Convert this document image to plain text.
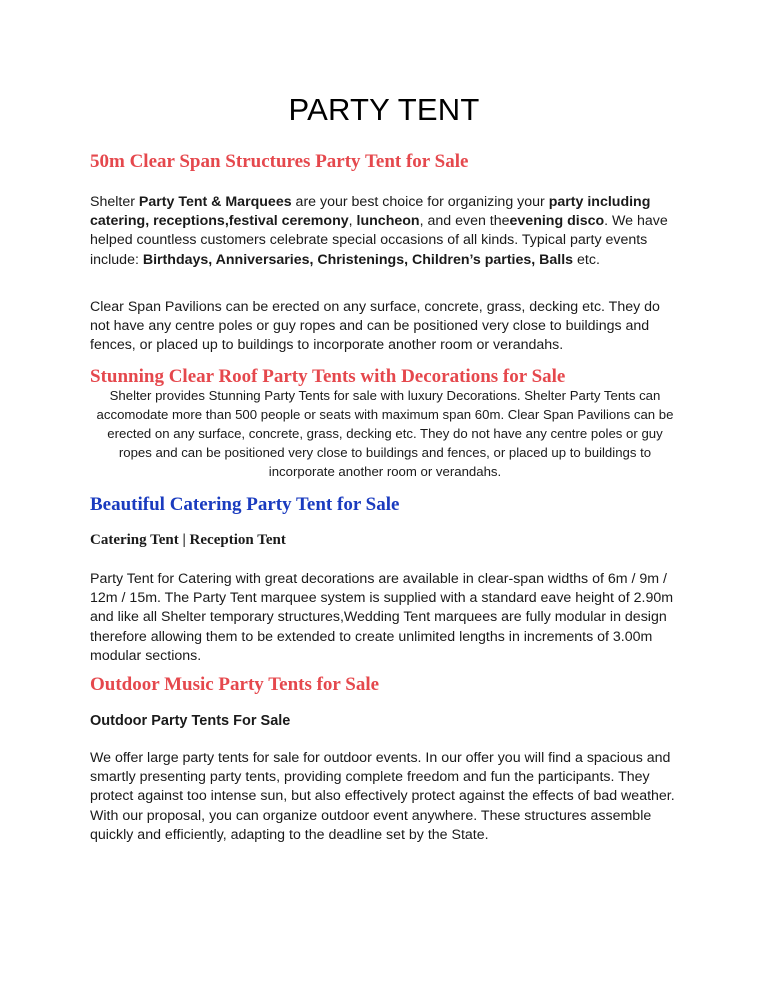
PARTY TENT
50m Clear Span Structures Party Tent for Sale

Shelter Party Tent & Marquees are your best choice for organizing your party including catering, receptions,festival ceremony, luncheon, and even theevening disco. We have helped countless customers celebrate special occasions of all kinds. Typical party events include: Birthdays, Anniversaries, Christenings, Children’s parties, Balls etc.

Clear Span Pavilions can be erected on any surface, concrete, grass, decking etc. They do not have any centre poles or guy ropes and can be positioned very close to buildings and fences, or placed up to buildings to incorporate another room or verandahs.

Stunning Clear Roof Party Tents with Decorations for Sale

Shelter provides Stunning Party Tents for sale with luxury Decorations. Shelter Party Tents can accomodate more than 500 people or seats with maximum span 60m. Clear Span Pavilions can be erected on any surface, concrete, grass, decking etc. They do not have any centre poles or guy ropes and can be positioned very close to buildings and fences, or placed up to buildings to incorporate another room or verandahs.

Beautiful Catering Party Tent for Sale

Catering Tent | Reception Tent

Party Tent for Catering with great decorations are available in clear-span widths of 6m / 9m / 12m / 15m. The Party Tent marquee system is supplied with a standard eave height of 2.90m and like all Shelter temporary structures,Wedding Tent marquees are fully modular in design therefore allowing them to be extended to create unlimited lengths in increments of 3.00m modular sections.

Outdoor Music Party Tents for Sale

Outdoor Party Tents For Sale

We offer large party tents for sale for outdoor events. In our offer you will find a spacious and smartly presenting party tents, providing complete freedom and fun the participants. They protect against too intense sun, but also effectively protect against the effects of bad weather. With our proposal, you can organize outdoor event anywhere. These structures assemble quickly and efficiently, adapting to the deadline set by the State.
